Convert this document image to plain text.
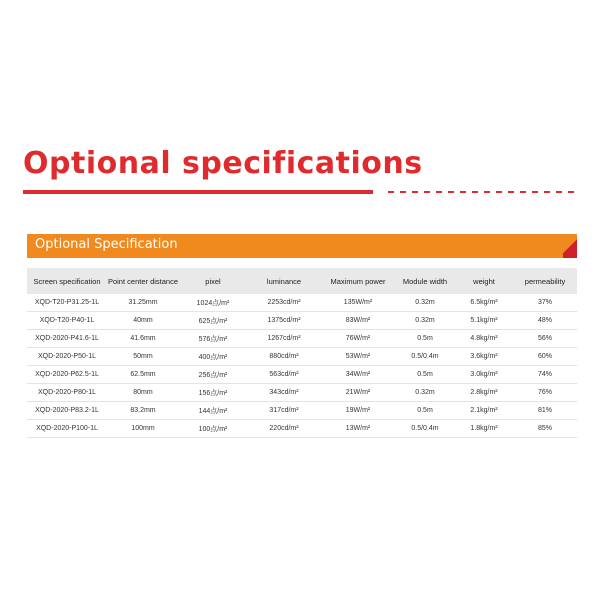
Optional specifications
Optional Specification
Screen specification	Point center distance	pixel	luminance	Maximum power	Module width	weight	permeability
XQD-T20-P31.25-1L	31.25mm	1024点/m²	2253cd/m²	135W/m²	0.32m	6.5kg/m²	37%
XQD-T20-P40-1L	40mm	625点/m²	1375cd/m²	83W/m²	0.32m	5.1kg/m²	48%
XQD-2020-P41.6-1L	41.6mm	576点/m²	1267cd/m²	76W/m²	0.5m	4.8kg/m²	56%
XQD-2020-P50-1L	50mm	400点/m²	880cd/m²	53W/m²	0.5/0.4m	3.6kg/m²	60%
XQD-2020-P62.5-1L	62.5mm	256点/m²	563cd/m²	34W/m²	0.5m	3.0kg/m²	74%
XQD-2020-P80-1L	80mm	156点/m²	343cd/m²	21W/m²	0.32m	2.8kg/m²	76%
XQD-2020-P83.2-1L	83.2mm	144点/m²	317cd/m²	19W/m²	0.5m	2.1kg/m²	81%
XQD-2020-P100-1L	100mm	100点/m²	220cd/m²	13W/m²	0.5/0.4m	1.8kg/m²	85%
